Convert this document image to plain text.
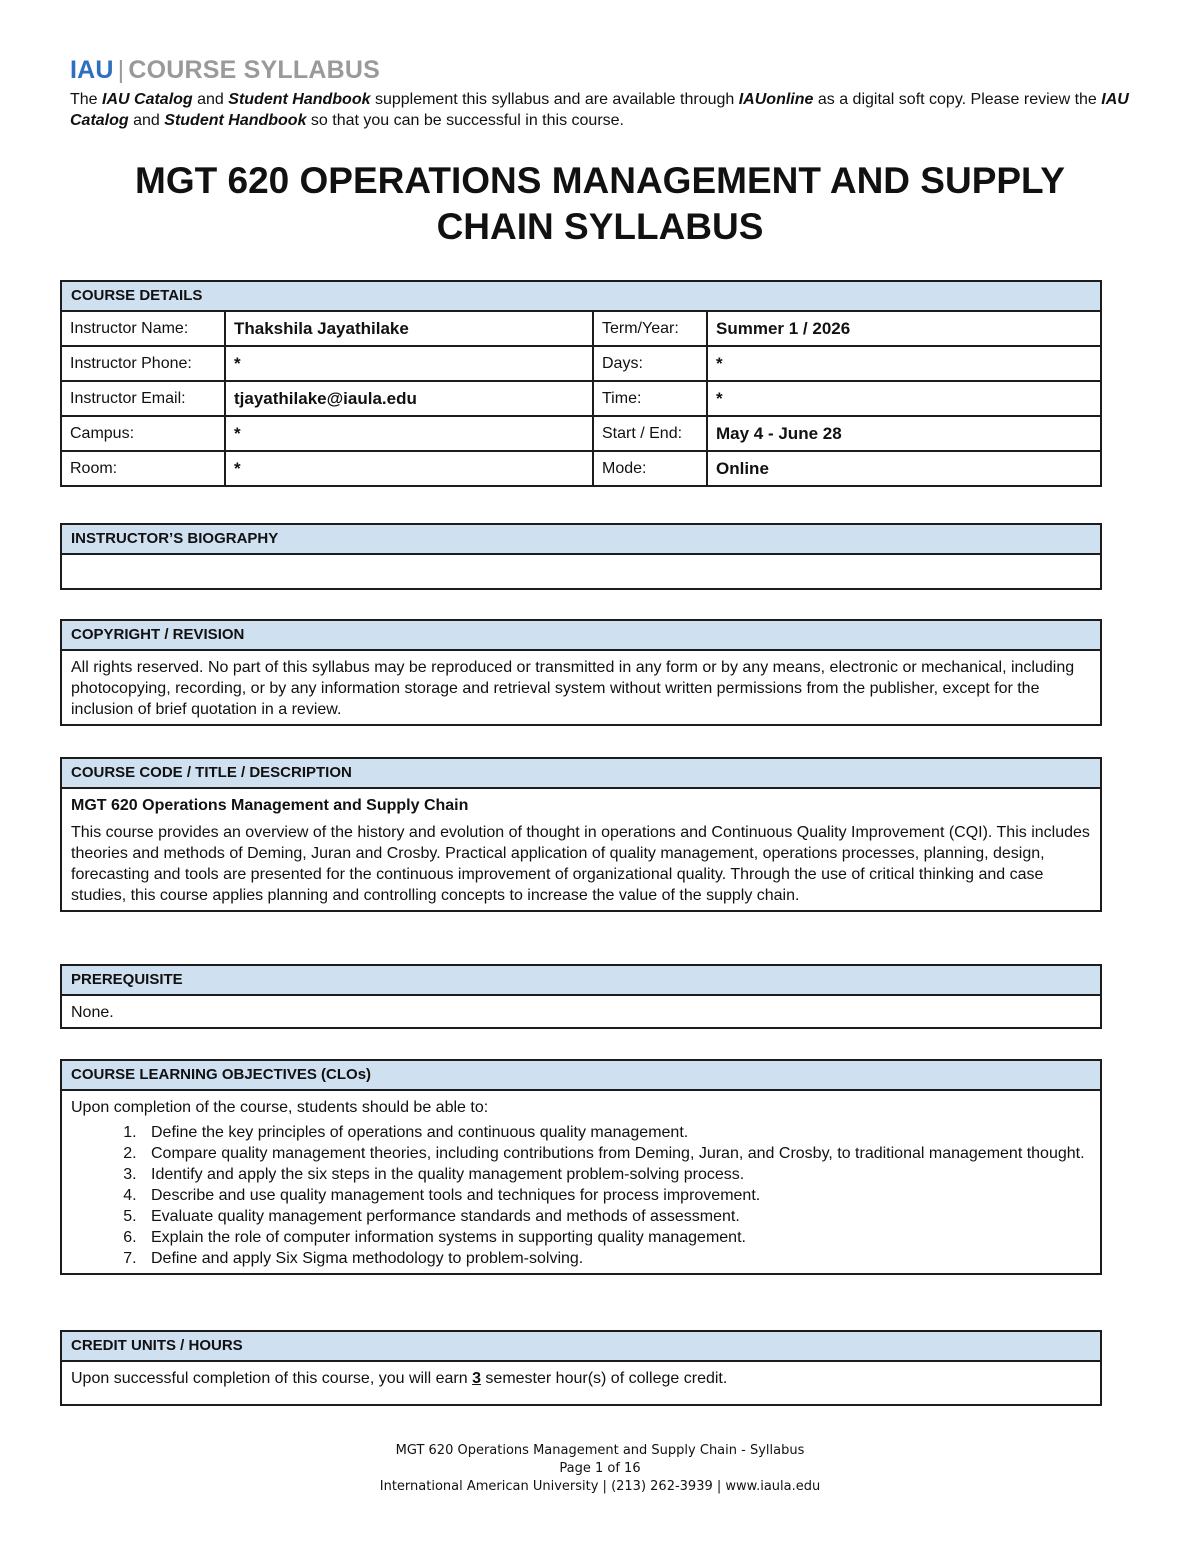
IAU | COURSE SYLLABUS
The IAU Catalog and Student Handbook supplement this syllabus and are available through IAUonline as a digital soft copy. Please review the IAU Catalog and Student Handbook so that you can be successful in this course.
MGT 620 OPERATIONS MANAGEMENT AND SUPPLY
CHAIN SYLLABUS
COURSE DETAILS
Instructor Name:	Thakshila Jayathilake	Term/Year:	Summer 1 / 2026
Instructor Phone:	*	Days:	*
Instructor Email:	tjayathilake@iaula.edu	Time:	*
Campus:	*	Start / End:	May 4 - June 28
Room:	*	Mode:	Online
INSTRUCTOR’S BIOGRAPHY
COPYRIGHT / REVISION
All rights reserved. No part of this syllabus may be reproduced or transmitted in any form or by any means, electronic or mechanical, including photocopying, recording, or by any information storage and retrieval system without written permissions from the publisher, except for the inclusion of brief quotation in a review.
COURSE CODE / TITLE / DESCRIPTION
MGT 620 Operations Management and Supply Chain
This course provides an overview of the history and evolution of thought in operations and Continuous Quality Improvement (CQI). This includes theories and methods of Deming, Juran and Crosby. Practical application of quality management, operations processes, planning, design, forecasting and tools are presented for the continuous improvement of organizational quality. Through the use of critical thinking and case studies, this course applies planning and controlling concepts to increase the value of the supply chain.
PREREQUISITE
None.
COURSE LEARNING OBJECTIVES (CLOs)
Upon completion of the course, students should be able to:
1. Define the key principles of operations and continuous quality management.
2. Compare quality management theories, including contributions from Deming, Juran, and Crosby, to traditional management thought.
3. Identify and apply the six steps in the quality management problem-solving process.
4. Describe and use quality management tools and techniques for process improvement.
5. Evaluate quality management performance standards and methods of assessment.
6. Explain the role of computer information systems in supporting quality management.
7. Define and apply Six Sigma methodology to problem-solving.
CREDIT UNITS / HOURS
Upon successful completion of this course, you will earn 3 semester hour(s) of college credit.
MGT 620 Operations Management and Supply Chain - Syllabus
Page 1 of 16
International American University | (213) 262-3939 | www.iaula.edu
